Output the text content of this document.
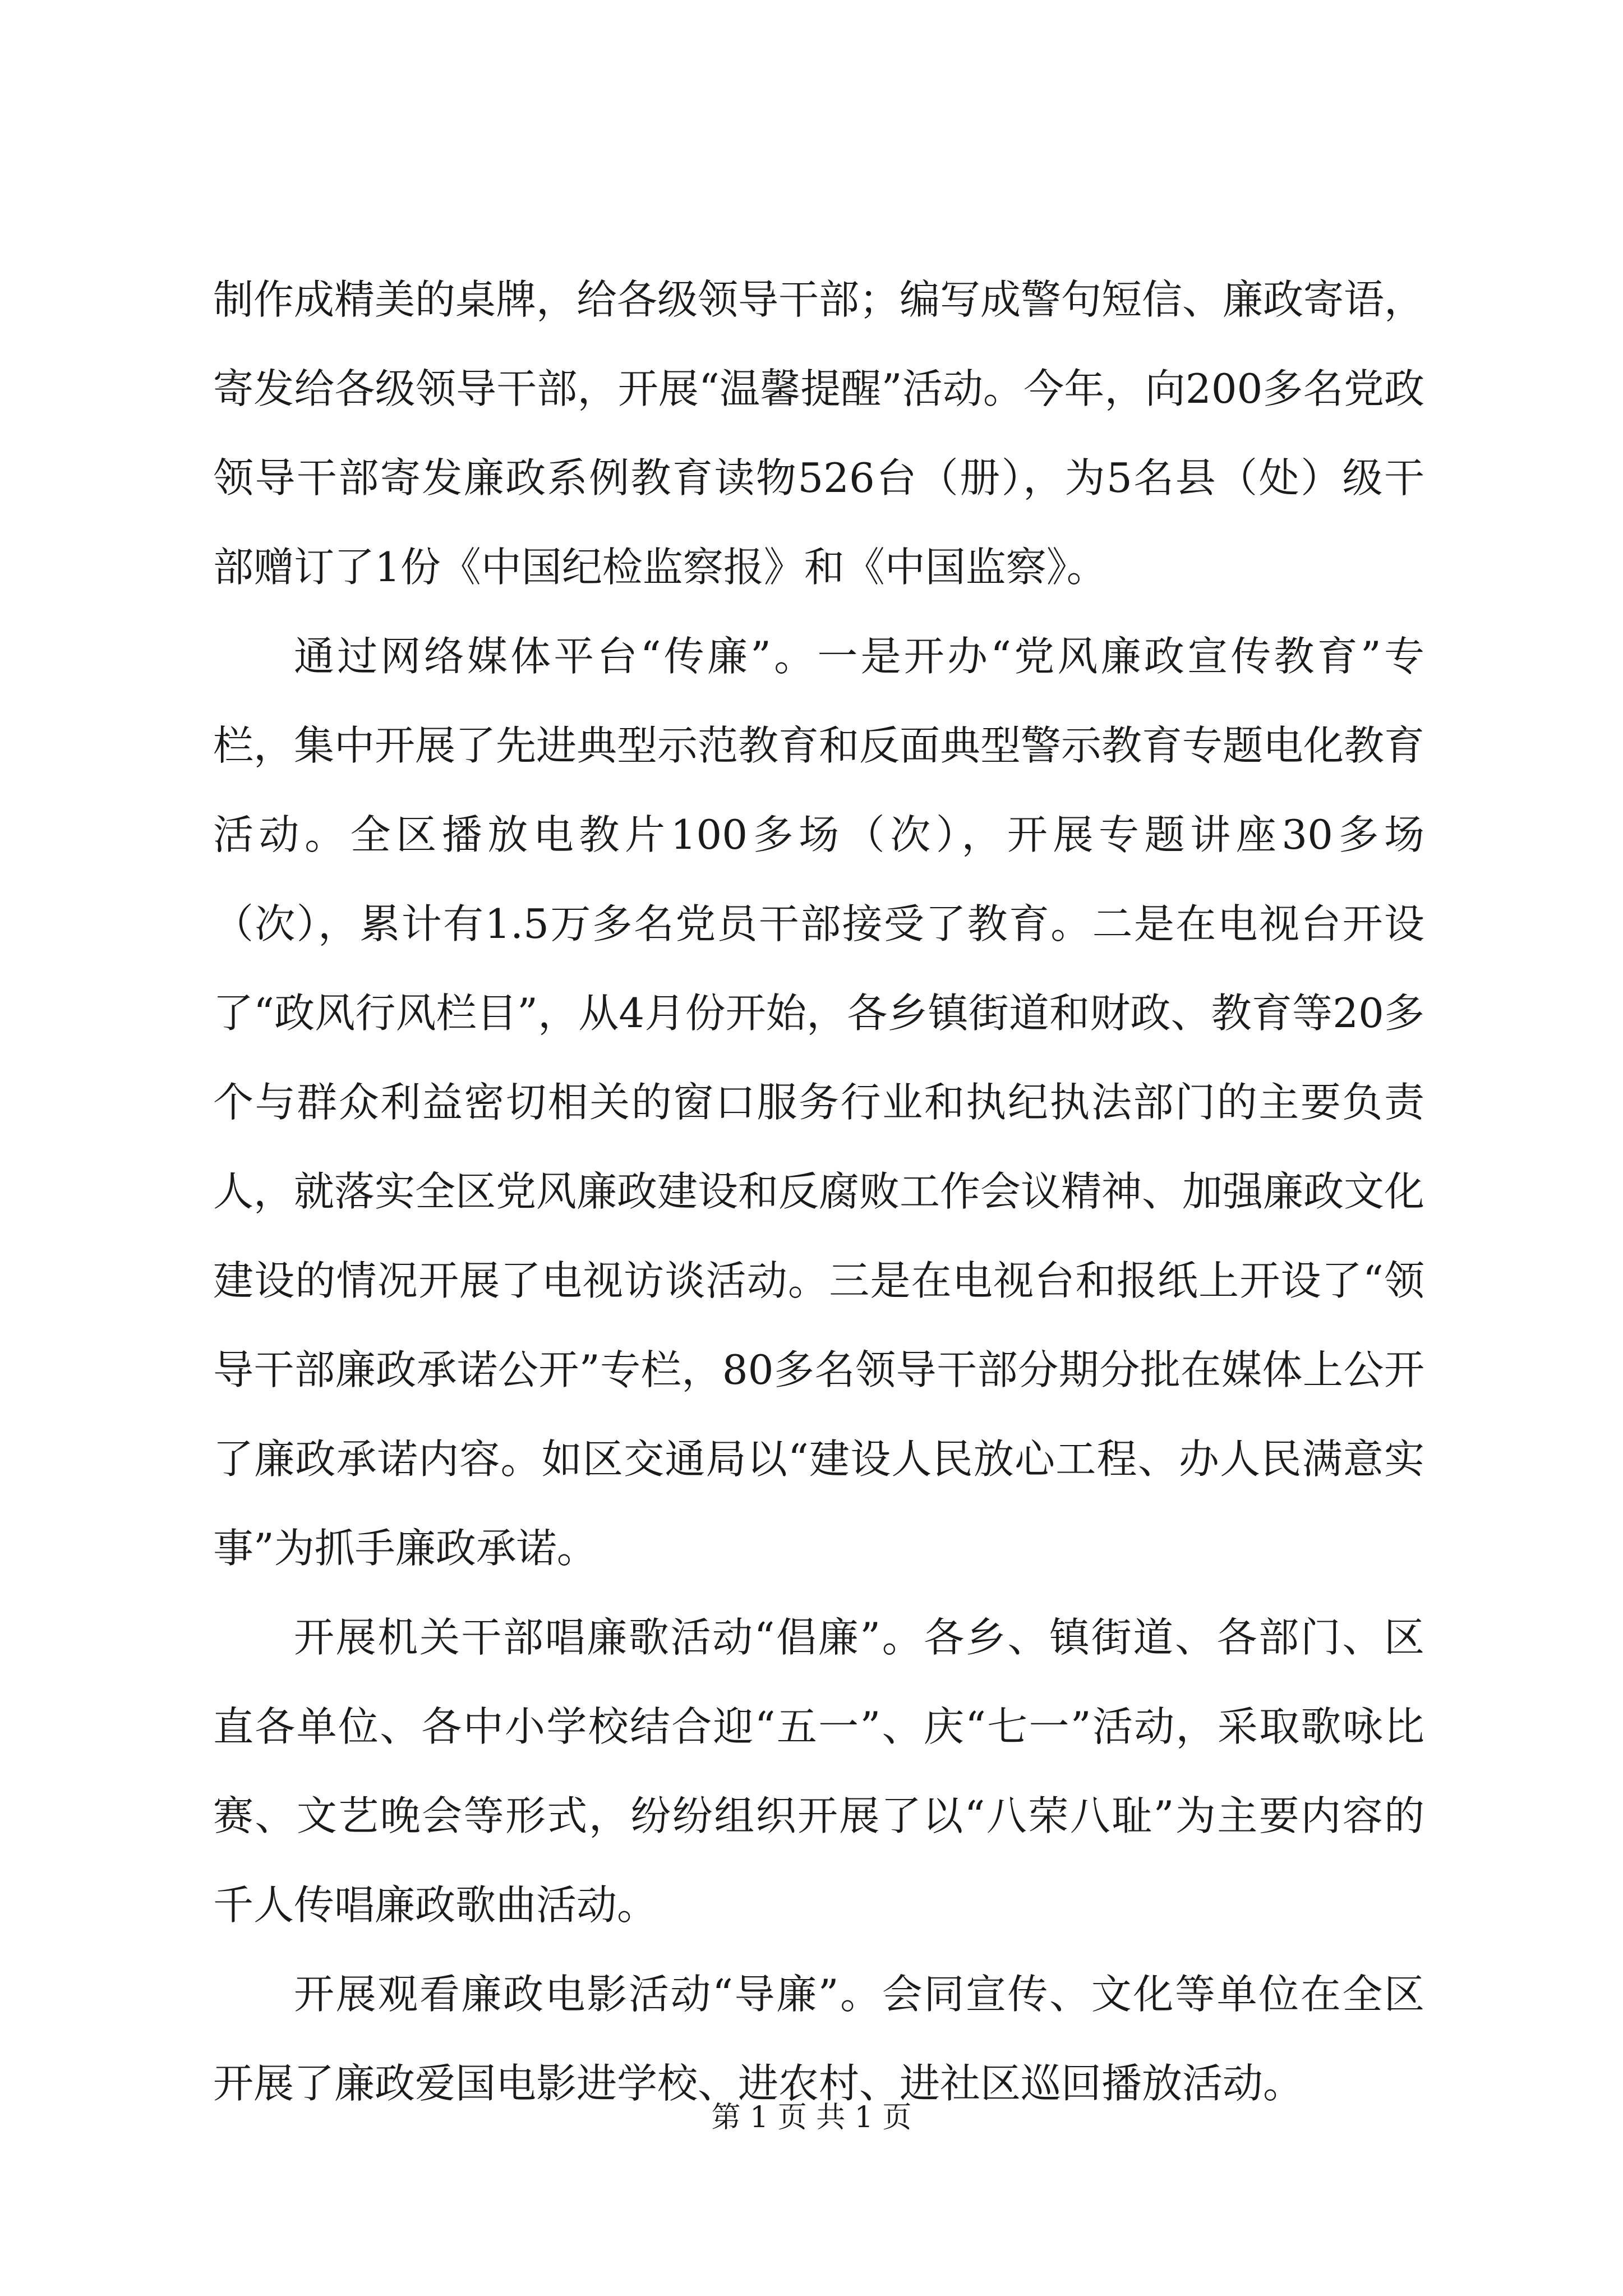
制作成精美的桌牌，给各级领导干部；编写成警句短信、廉政寄语，寄发给各级领导干部，开展“温馨提醒”活动。今年，向200多名党政领导干部寄发廉政系例教育读物526台（册），为5名县（处）级干部赠订了1份《中国纪检监察报》和《中国监察》。

通过网络媒体平台“传廉”。一是开办“党风廉政宣传教育”专栏，集中开展了先进典型示范教育和反面典型警示教育专题电化教育活动。全区播放电教片100多场（次），开展专题讲座30多场（次），累计有1.5万多名党员干部接受了教育。二是在电视台开设了“政风行风栏目”，从4月份开始，各乡镇街道和财政、教育等20多个与群众利益密切相关的窗口服务行业和执纪执法部门的主要负责人，就落实全区党风廉政建设和反腐败工作会议精神、加强廉政文化建设的情况开展了电视访谈活动。三是在电视台和报纸上开设了“领导干部廉政承诺公开”专栏，80多名领导干部分期分批在媒体上公开了廉政承诺内容。如区交通局以“建设人民放心工程、办人民满意实事”为抓手廉政承诺。

开展机关干部唱廉歌活动“倡廉”。各乡、镇街道、各部门、区直各单位、各中小学校结合迎“五一”、庆“七一”活动，采取歌咏比赛、文艺晚会等形式，纷纷组织开展了以“八荣八耻”为主要内容的千人传唱廉政歌曲活动。

开展观看廉政电影活动“导廉”。会同宣传、文化等单位在全区开展了廉政爱国电影进学校、进农村、进社区巡回播放活动。

第 1 页 共 1 页
